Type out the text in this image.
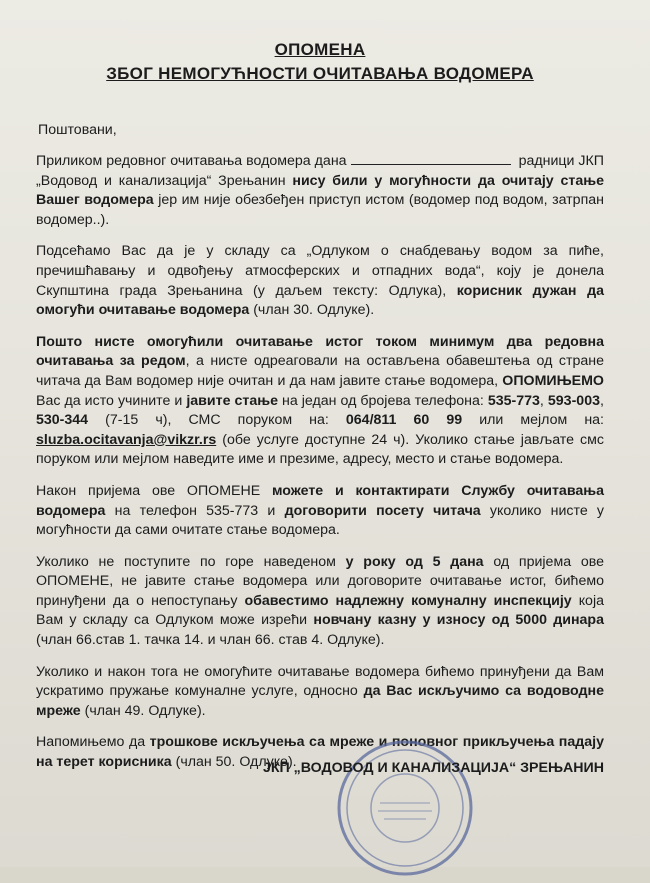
ОПОМЕНА
ЗБОГ НЕМОГУЋНОСТИ ОЧИТАВАЊА ВОДОМЕРА
Поштовани,

Приликом редовног очитавања водомера дана	радници ЈКП „Водовод и канализација“ Зрењанин нису били у могућности да очитају стање Вашег водомера јер им није обезбеђен приступ истом (водомер под водом, затрпан водомер..).

Подсећамо Вас да је у складу са „Одлуком о снабдевању водом за пиће, пречишћавању и одвођењу атмосферских и отпадних вода“, коју је донела Скупштина града Зрењанина (у даљем тексту: Одлука), корисник дужан да омогући очитавање водомера (члан 30. Одлуке).

Пошто нисте омогућили очитавање истог током минимум два редовна очитавања за редом, а нисте одреаговали на остављена обавештења од стране читача да Вам водомер није очитан и да нам јавите стање водомера, ОПОМИЊЕМО Вас да исто учините и јавите стање на један од бројева телефона: 535-773, 593-003, 530-344 (7-15 ч), СМС поруком на: 064/811 60 99 или мејлом на: sluzba.ocitavanja@vikzr.rs (обе услуге доступне 24 ч). Уколико стање јављате смс поруком или мејлом наведите име и презиме, адресу, место и стање водомера.

Након пријема ове ОПОМЕНЕ можете и контактирати Службу очитавања водомера на телефон 535-773 и договорити посету читача уколико нисте у могућности да сами очитате стање водомера.

Уколико не поступите по горе наведеном у року од 5 дана од пријема ове ОПОМЕНЕ, не јавите стање водомера или договорите очитавање истог, бићемо принуђени да о непоступању обавестимо надлежну комуналну инспекцију која Вам у складу са Одлуком може изрећи новчану казну у износу од 5000 динара (члан 66.став 1. тачка 14. и члан 66. став 4. Одлуке).

Уколико и након тога не омогућите очитавање водомера бићемо принуђени да Вам ускратимо пружање комуналне услуге, односно да Вас искључимо са водоводне мреже (члан 49. Одлуке).

Напомињемо да трошкове искључења са мреже и поновног прикључења падају на терет корисника (члан 50. Одлуке).

ЈКП „ВОДОВОД И КАНАЛИЗАЦИЈА“ ЗРЕЊАНИН
